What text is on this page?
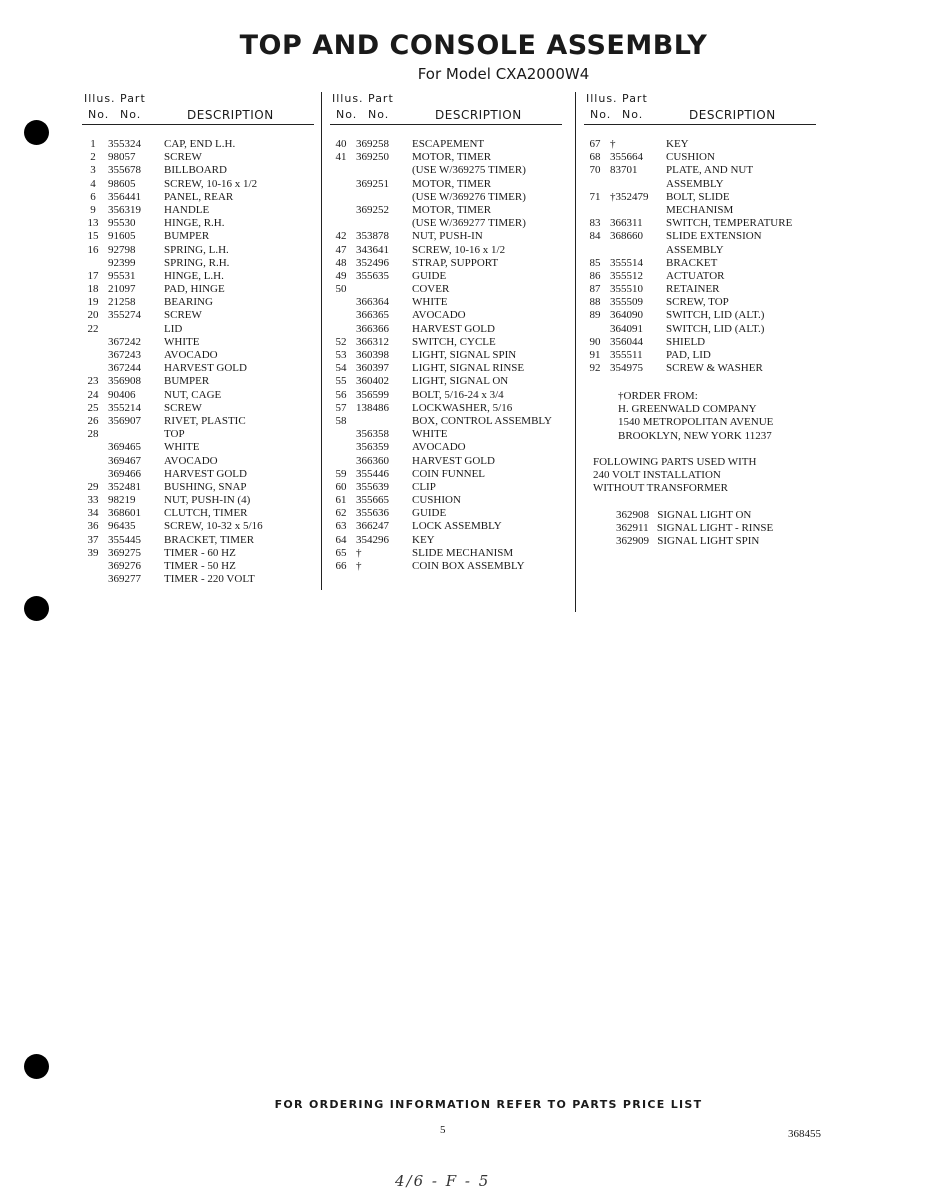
TOP AND CONSOLE ASSEMBLY
For Model CXA2000W4
Illus. Part
No. No.	DESCRIPTION
1	355324 CAP, END L.H.
2	98057	SCREW
3	355678 BILLBOARD
4	98605	SCREW, 10-16 x 1/2
6	356441 PANEL, REAR
9	356319 HANDLE
13 95530	HINGE, R.H.
15 91605	BUMPER
16 92798	SPRING, L.H.
92399	SPRING, R.H.
17 95531	HINGE, L.H.
18 21097	PAD, HINGE
19 21258	BEARING
20 355274 SCREW
22	LID
367242 WHITE
367243 AVOCADO
367244 HARVEST GOLD
23 356908 BUMPER
24 90406	NUT, CAGE
25 355214 SCREW
26 356907 RIVET, PLASTIC
28	TOP
369465 WHITE
369467 AVOCADO
369466 HARVEST GOLD
29 352481 BUSHING, SNAP
33 98219	NUT, PUSH-IN (4)
34 368601 CLUTCH, TIMER
36 96435	SCREW, 10-32 x 5/16
37 355445 BRACKET, TIMER
39 369275 TIMER - 60 HZ
369276 TIMER - 50 HZ
369277 TIMER - 220 VOLT
Illus. Part
No. No.	DESCRIPTION
40 369258 ESCAPEMENT
41 369250 MOTOR, TIMER
(USE W/369275 TIMER)
369251 MOTOR, TIMER
(USE W/369276 TIMER)
369252 MOTOR, TIMER
(USE W/369277 TIMER)
42 353878 NUT, PUSH-IN
47 343641 SCREW, 10-16 x 1/2
48 352496 STRAP, SUPPORT
49 355635 GUIDE
50	COVER
366364 WHITE
366365 AVOCADO
366366 HARVEST GOLD
52 366312 SWITCH, CYCLE
53 360398 LIGHT, SIGNAL SPIN
54 360397 LIGHT, SIGNAL RINSE
55 360402 LIGHT, SIGNAL ON
56 356599 BOLT, 5/16-24 x 3/4
57 138486 LOCKWASHER, 5/16
58	BOX, CONTROL ASSEMBLY
356358 WHITE
356359 AVOCADO
366360 HARVEST GOLD
59 355446 COIN FUNNEL
60 355639 CLIP
61 355665 CUSHION
62 355636 GUIDE
63 366247 LOCK ASSEMBLY
64 354296 KEY
65 †	SLIDE MECHANISM
66 †	COIN BOX ASSEMBLY
Illus. Part
No. No.	DESCRIPTION
67 †	KEY
68 355664 CUSHION
70 83701	PLATE, AND NUT
ASSEMBLY
71 †352479 BOLT, SLIDE
MECHANISM
83 366311 SWITCH, TEMPERATURE
84 368660 SLIDE EXTENSION
ASSEMBLY
85 355514 BRACKET
86 355512 ACTUATOR
87 355510 RETAINER
88 355509 SCREW, TOP
89 364090 SWITCH, LID (ALT.)
364091 SWITCH, LID (ALT.)
90 356044 SHIELD
91 355511 PAD, LID
92 354975 SCREW & WASHER
†ORDER FROM:
H. GREENWALD COMPANY
1540 METROPOLITAN AVENUE
BROOKLYN, NEW YORK 11237
FOLLOWING PARTS USED WITH
240 VOLT INSTALLATION
WITHOUT TRANSFORMER
362908 SIGNAL LIGHT ON
362911 SIGNAL LIGHT - RINSE
362909 SIGNAL LIGHT SPIN
FOR ORDERING INFORMATION REFER TO PARTS PRICE LIST
5	368455
4/6 - F - 5
